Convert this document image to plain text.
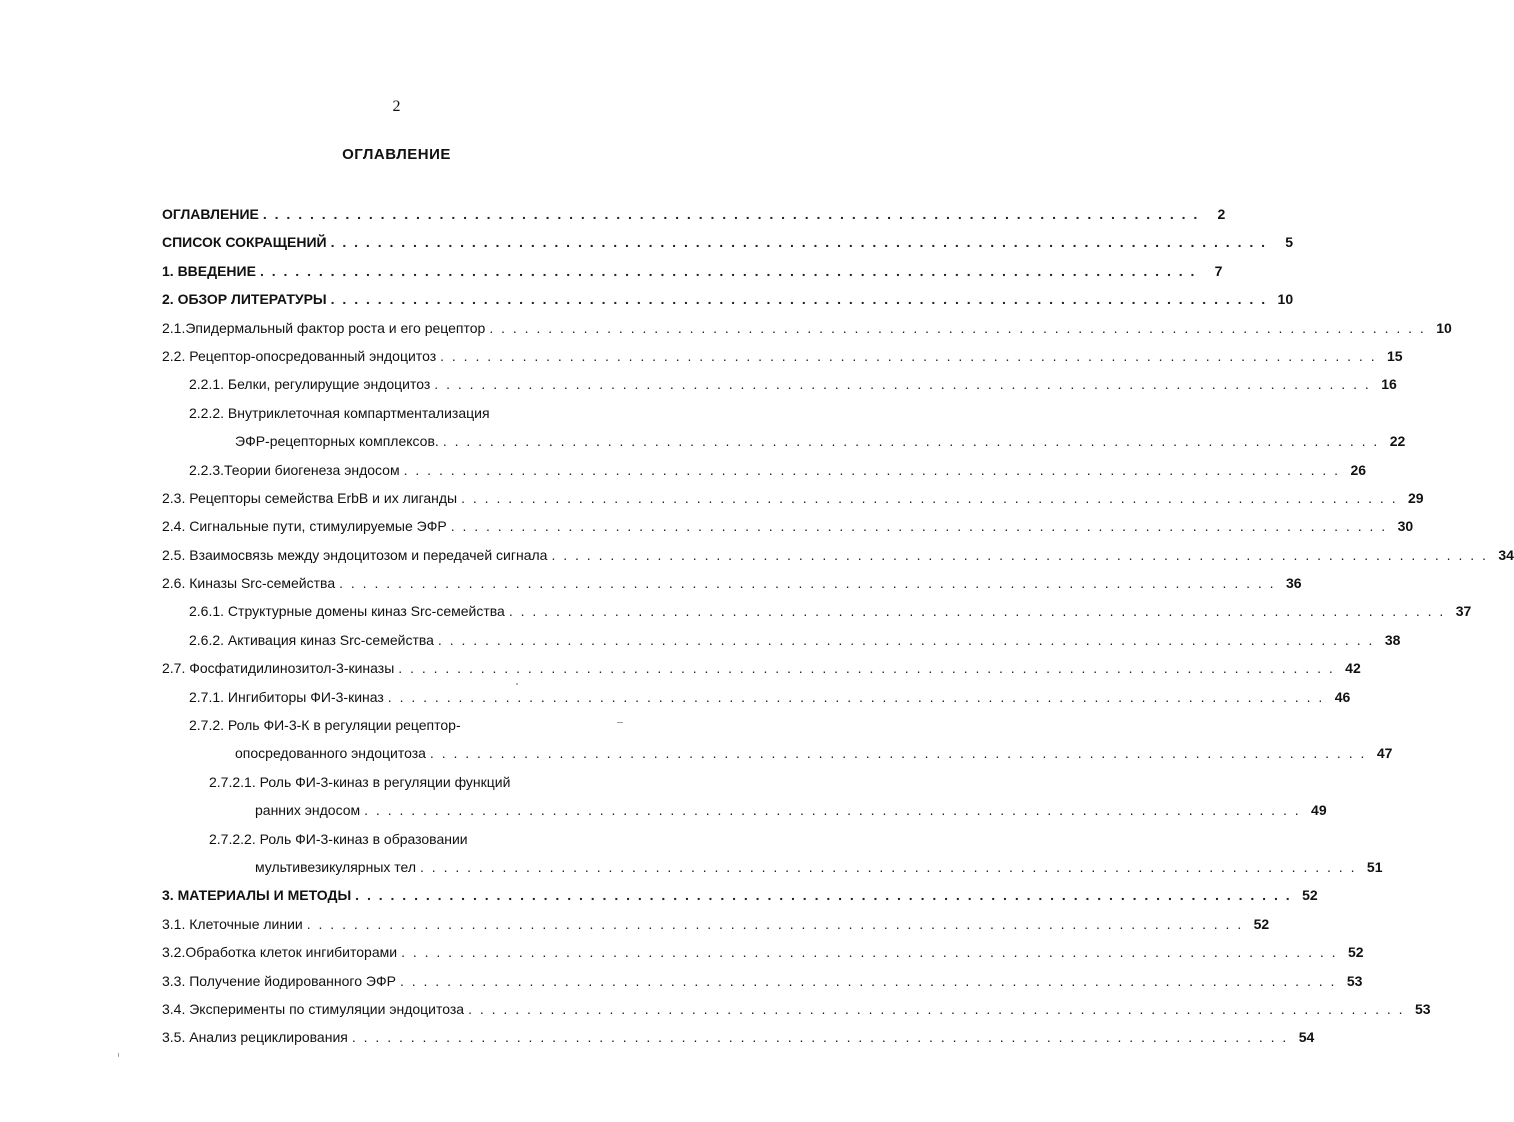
2
ОГЛАВЛЕНИЕ
ОГЛАВЛЕНИЕ . . . . . . . . . . . . . . . . . . . . . . . . . . . . . . . . . . . . . . . . . . . . . . . . . . . . . . . . . . . . . . . . . . . . . . . . . . . . . . . .	2
СПИСОК СОКРАЩЕНИЙ . . . . . . . . . . . . . . . . . . . . . . . . . . . . . . . . . . . . . . . . . . . . . . . . . . . . . . . . . . . . . . . . . . . . . . . . . . . . . . . .	5
1. ВВЕДЕНИЕ . . . . . . . . . . . . . . . . . . . . . . . . . . . . . . . . . . . . . . . . . . . . . . . . . . . . . . . . . . . . . . . . . . . . . . . . . . . . . . . .	7
2. ОБЗОР ЛИТЕРАТУРЫ . . . . . . . . . . . . . . . . . . . . . . . . . . . . . . . . . . . . . . . . . . . . . . . . . . . . . . . . . . . . . . . . . . . . . . . . . . . . . . . . 10
2.1.Эпидермальный фактор роста и его рецептор . . . . . . . . . . . . . . . . . . . . . . . . . . . . . . . . . . . . . . . . . . . . . . . . . . . . . . . . . . . . . . . . . . . . . . . . . . . . . . . . 10
2.2. Рецептор-опосредованный эндоцитоз . . . . . . . . . . . . . . . . . . . . . . . . . . . . . . . . . . . . . . . . . . . . . . . . . . . . . . . . . . . . . . . . . . . . . . . . . . . . . . . . 15
2.2.1. Белки, регулирущие эндоцитоз . . . . . . . . . . . . . . . . . . . . . . . . . . . . . . . . . . . . . . . . . . . . . . . . . . . . . . . . . . . . . . . . . . . . . . . . . . . . . . . . 16
2.2.2. Внутриклеточная компартментализация
ЭФР-рецепторных комплексов. . . . . . . . . . . . . . . . . . . . . . . . . . . . . . . . . . . . . . . . . . . . . . . . . . . . . . . . . . . . . . . . . . . . . . . . . . . . . . . . . 22
2.2.3.Теории биогенеза эндосом . . . . . . . . . . . . . . . . . . . . . . . . . . . . . . . . . . . . . . . . . . . . . . . . . . . . . . . . . . . . . . . . . . . . . . . . . . . . . . . . 26
2.3. Рецепторы семейства ErbB и их лиганды . . . . . . . . . . . . . . . . . . . . . . . . . . . . . . . . . . . . . . . . . . . . . . . . . . . . . . . . . . . . . . . . . . . . . . . . . . . . . . . . 29
2.4. Сигнальные пути, стимулируемые ЭФР . . . . . . . . . . . . . . . . . . . . . . . . . . . . . . . . . . . . . . . . . . . . . . . . . . . . . . . . . . . . . . . . . . . . . . . . . . . . . . . . 30
2.5. Взаимосвязь между эндоцитозом и передачей сигнала . . . . . . . . . . . . . . . . . . . . . . . . . . . . . . . . . . . . . . . . . . . . . . . . . . . . . . . . . . . . . . . . . . . . . . . . . . . . . . . . 34
2.6. Киназы Src-семейства . . . . . . . . . . . . . . . . . . . . . . . . . . . . . . . . . . . . . . . . . . . . . . . . . . . . . . . . . . . . . . . . . . . . . . . . . . . . . . . . 36
2.6.1. Структурные домены киназ Src-семейства . . . . . . . . . . . . . . . . . . . . . . . . . . . . . . . . . . . . . . . . . . . . . . . . . . . . . . . . . . . . . . . . . . . . . . . . . . . . . . . . 37
2.6.2. Активация киназ Src-семейства . . . . . . . . . . . . . . . . . . . . . . . . . . . . . . . . . . . . . . . . . . . . . . . . . . . . . . . . . . . . . . . . . . . . . . . . . . . . . . . . 38
2.7. Фосфатидилинозитол-3-киназы . . . . . . . . . . . . . . . . . . . . . . . . . . . . . . . . . . . . . . . . . . . . . . . . . . . . . . . . . . . . . . . . . . . . . . . . . . . . . . . . 42
2.7.1. Ингибиторы ФИ-3-киназ . . . . . . . . . . . . . . . . . . . . . . . . . . . . . . . . . . . . . . . . . . . . . . . . . . . . . . . . . . . . . . . . . . . . . . . . . . . . . . . . 46
2.7.2. Роль ФИ-3-К в регуляции рецептор-
опосредованного эндоцитоза . . . . . . . . . . . . . . . . . . . . . . . . . . . . . . . . . . . . . . . . . . . . . . . . . . . . . . . . . . . . . . . . . . . . . . . . . . . . . . . . 47
2.7.2.1. Роль ФИ-3-киназ в регуляции функций
ранних эндосом . . . . . . . . . . . . . . . . . . . . . . . . . . . . . . . . . . . . . . . . . . . . . . . . . . . . . . . . . . . . . . . . . . . . . . . . . . . . . . . . 49
2.7.2.2. Роль ФИ-3-киназ в образовании
мультивезикулярных тел . . . . . . . . . . . . . . . . . . . . . . . . . . . . . . . . . . . . . . . . . . . . . . . . . . . . . . . . . . . . . . . . . . . . . . . . . . . . . . . . 51
3. МАТЕРИАЛЫ И МЕТОДЫ . . . . . . . . . . . . . . . . . . . . . . . . . . . . . . . . . . . . . . . . . . . . . . . . . . . . . . . . . . . . . . . . . . . . . . . . . . . . . . . . 52
3.1. Клеточные линии . . . . . . . . . . . . . . . . . . . . . . . . . . . . . . . . . . . . . . . . . . . . . . . . . . . . . . . . . . . . . . . . . . . . . . . . . . . . . . . . 52
3.2.Обработка клеток ингибиторами . . . . . . . . . . . . . . . . . . . . . . . . . . . . . . . . . . . . . . . . . . . . . . . . . . . . . . . . . . . . . . . . . . . . . . . . . . . . . . . . 52
3.3. Получение йодированного ЭФР . . . . . . . . . . . . . . . . . . . . . . . . . . . . . . . . . . . . . . . . . . . . . . . . . . . . . . . . . . . . . . . . . . . . . . . . . . . . . . . . 53
3.4. Эксперименты по стимуляции эндоцитоза . . . . . . . . . . . . . . . . . . . . . . . . . . . . . . . . . . . . . . . . . . . . . . . . . . . . . . . . . . . . . . . . . . . . . . . . . . . . . . . . 53
3.5. Анализ рециклирования . . . . . . . . . . . . . . . . . . . . . . . . . . . . . . . . . . . . . . . . . . . . . . . . . . . . . . . . . . . . . . . . . . . . . . . . . . . . . . . . 54
